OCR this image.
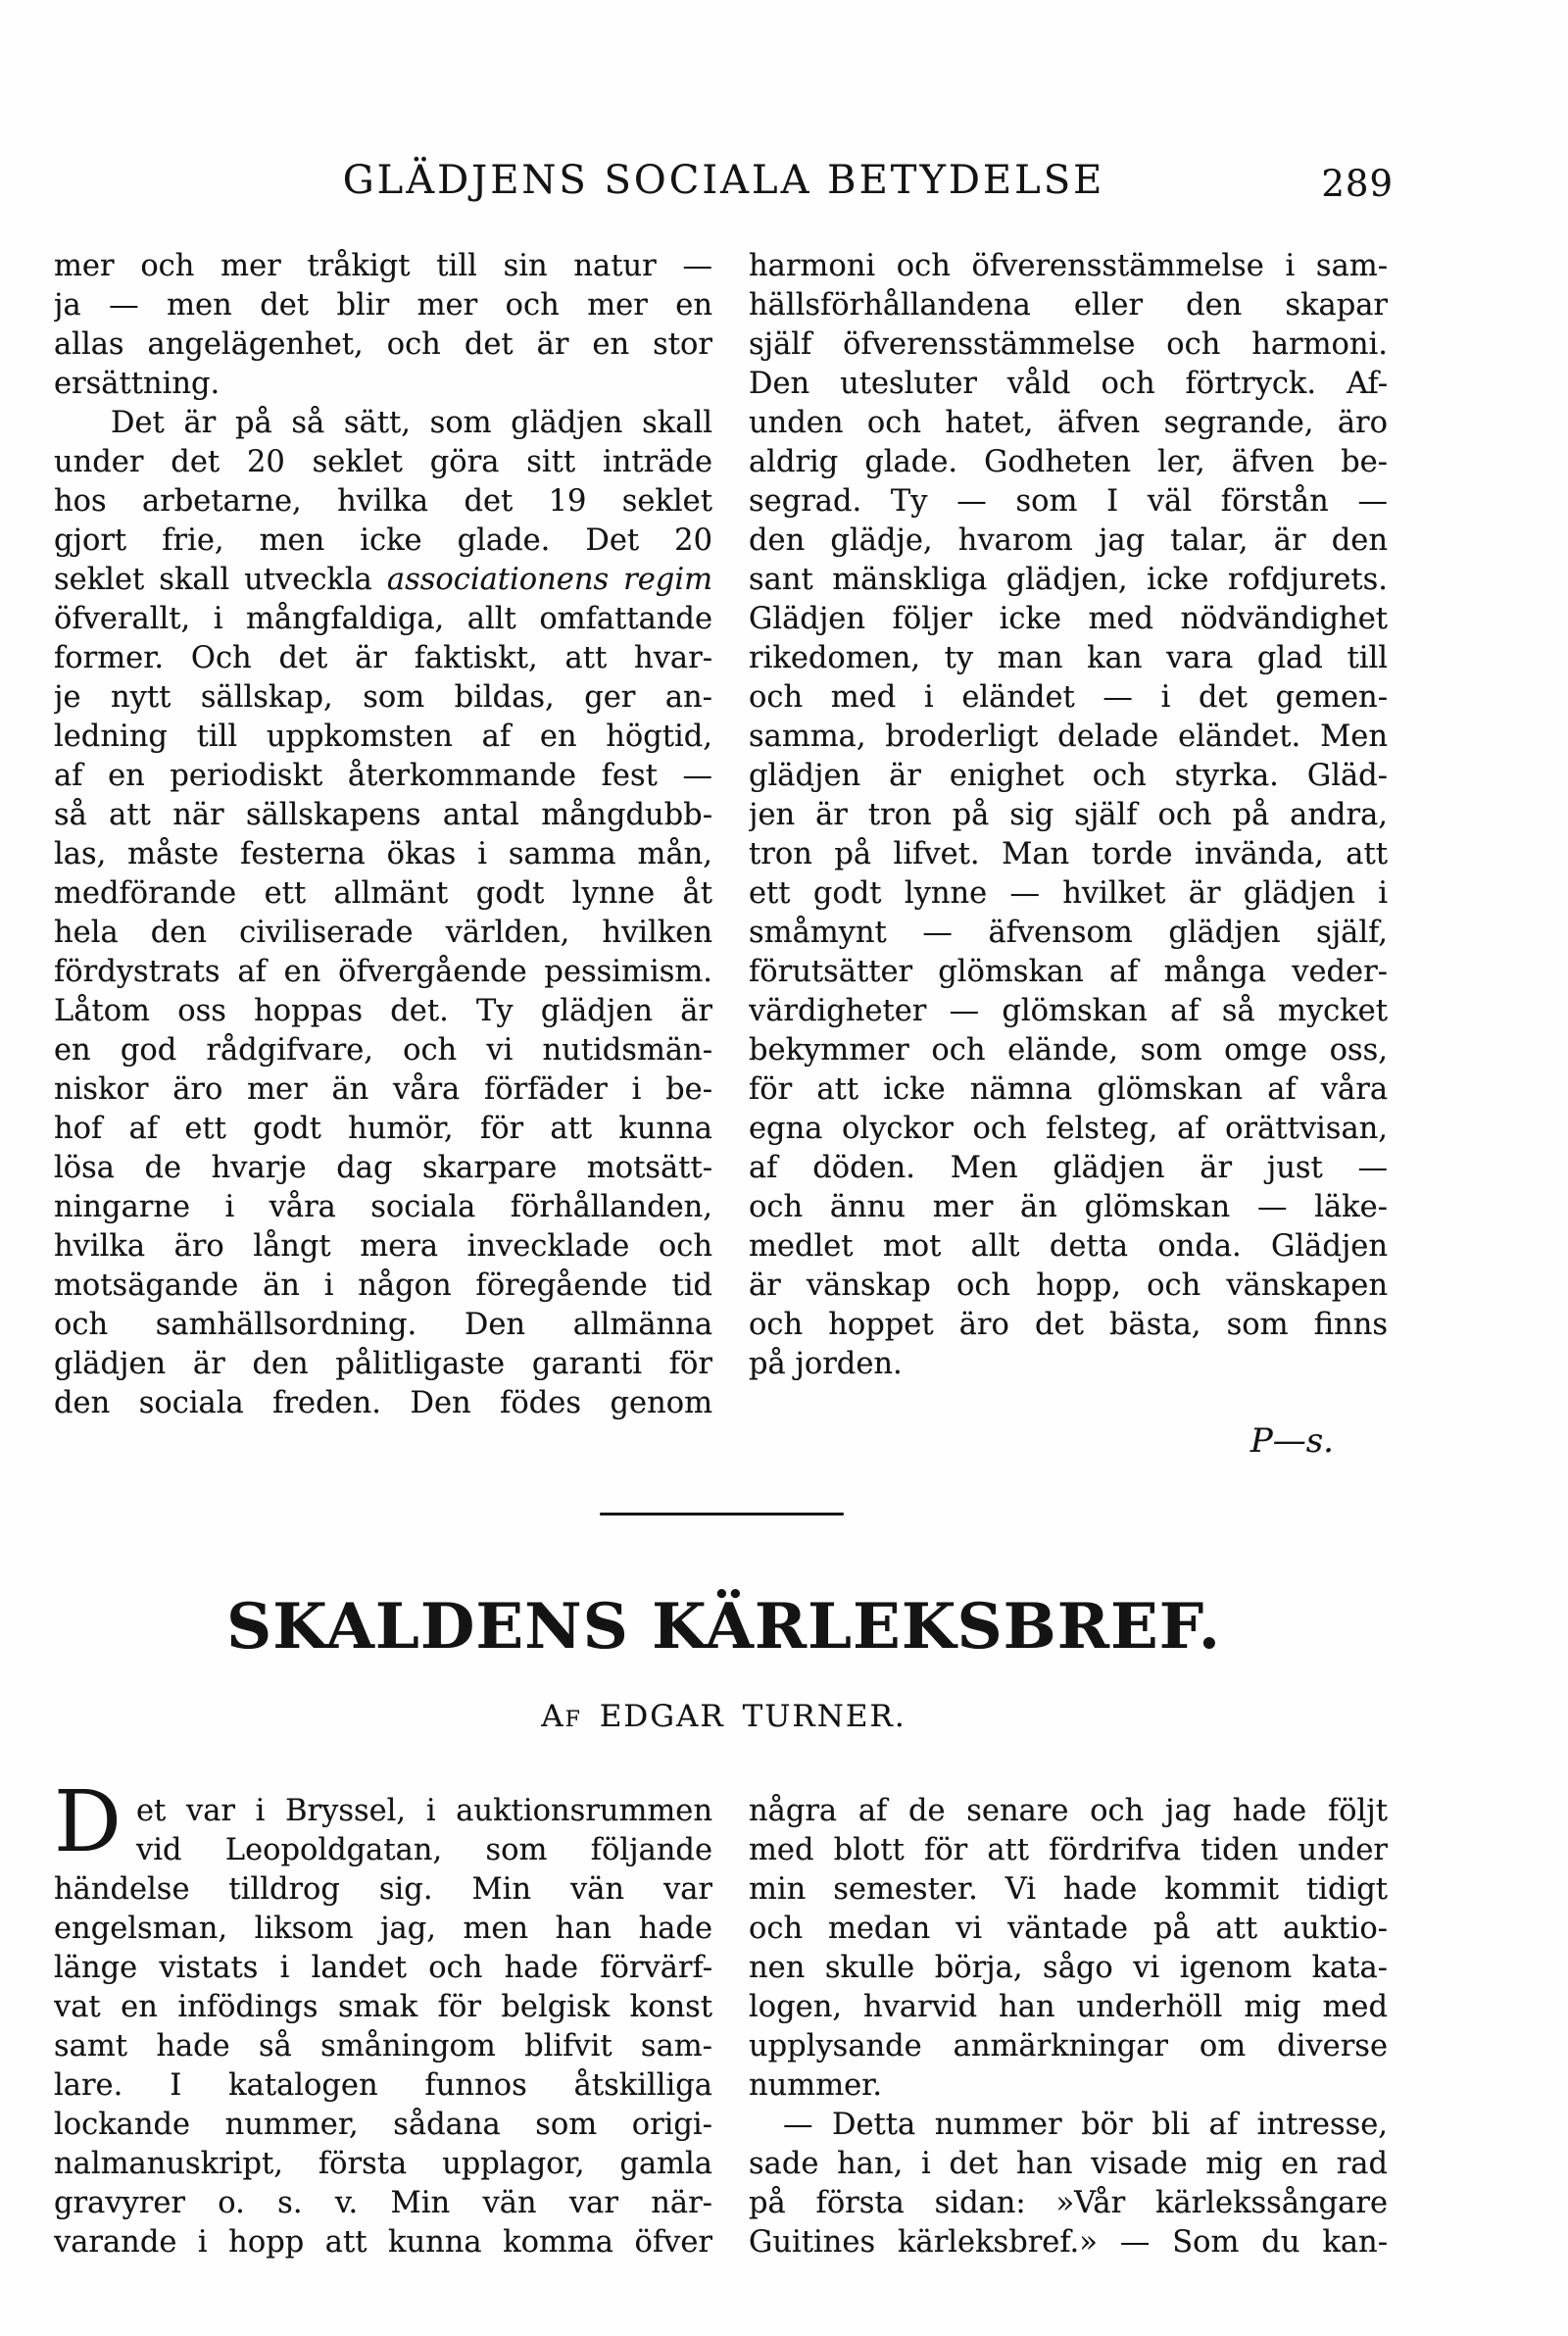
GLÄDJENS SOCIALA BETYDELSE	289
mer och mer tråkigt till sin natur —
ja — men det blir mer och mer en
allas angelägenhet, och det är en stor
ersättning.
Det är på så sätt, som glädjen skall
under det 20 seklet göra sitt inträde
hos arbetarne, hvilka det 19 seklet
gjort frie, men icke glade. Det 20
seklet skall utveckla associationens regim
öfverallt, i mångfaldiga, allt omfattande
former. Och det är faktiskt, att hvar-
je nytt sällskap, som bildas, ger an-
ledning till uppkomsten af en högtid,
af en periodiskt återkommande fest —
så att när sällskapens antal mångdubb-
las, måste festerna ökas i samma mån,
medförande ett allmänt godt lynne åt
hela den civiliserade världen, hvilken
fördystrats af en öfvergående pessimism.
Låtom oss hoppas det. Ty glädjen är
en god rådgifvare, och vi nutidsmän-
niskor äro mer än våra förfäder i be-
hof af ett godt humör, för att kunna
lösa de hvarje dag skarpare motsätt-
ningarne i våra sociala förhållanden,
hvilka äro långt mera invecklade och
motsägande än i någon föregående tid
och samhällsordning. Den allmänna
glädjen är den pålitligaste garanti för
den sociala freden. Den födes genom
harmoni och öfverensstämmelse i sam-
hällsförhållandena eller den skapar
själf öfverensstämmelse och harmoni.
Den utesluter våld och förtryck. Af-
unden och hatet, äfven segrande, äro
aldrig glade. Godheten ler, äfven be-
segrad. Ty — som I väl förstån —
den glädje, hvarom jag talar, är den
sant mänskliga glädjen, icke rofdjurets.
Glädjen följer icke med nödvändighet
rikedomen, ty man kan vara glad till
och med i eländet — i det gemen-
samma, broderligt delade eländet. Men
glädjen är enighet och styrka. Gläd-
jen är tron på sig själf och på andra,
tron på lifvet. Man torde invända, att
ett godt lynne — hvilket är glädjen i
småmynt — äfvensom glädjen själf,
förutsätter glömskan af många veder-
värdigheter — glömskan af så mycket
bekymmer och elände, som omge oss,
för att icke nämna glömskan af våra
egna olyckor och felsteg, af orättvisan,
af döden. Men glädjen är just —
och ännu mer än glömskan — läke-
medlet mot allt detta onda. Glädjen
är vänskap och hopp, och vänskapen
och hoppet äro det bästa, som finns
på jorden.
P—s.
SKALDENS KÄRLEKSBREF.
Af EDGAR TURNER.
D et var i Bryssel, i auktionsrummen
vid Leopoldgatan, som följande
händelse tilldrog sig. Min vän var
engelsman, liksom jag, men han hade
länge vistats i landet och hade förvärf-
vat en infödings smak för belgisk konst
samt hade så småningom blifvit sam-
lare. I katalogen funnos åtskilliga
lockande nummer, sådana som origi-
nalmanuskript, första upplagor, gamla
gravyrer o. s. v. Min vän var när-
varande i hopp att kunna komma öfver
några af de senare och jag hade följt
med blott för att fördrifva tiden under
min semester. Vi hade kommit tidigt
och medan vi väntade på att auktio-
nen skulle börja, sågo vi igenom kata-
logen, hvarvid han underhöll mig med
upplysande anmärkningar om diverse
nummer.
— Detta nummer bör bli af intresse,
sade han, i det han visade mig en rad
på första sidan: »Vår kärlekssångare
Guitines kärleksbref.» — Som du kan-
